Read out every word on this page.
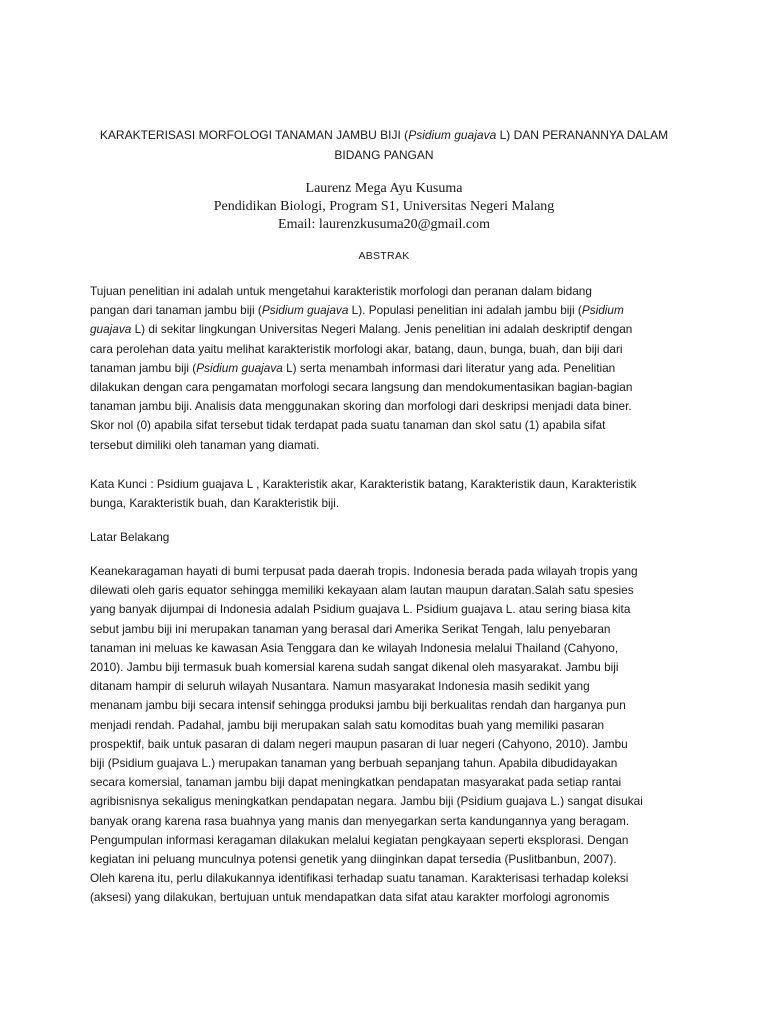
KARAKTERISASI MORFOLOGI TANAMAN JAMBU BIJI (Psidium guajava L) DAN PERANANNYA DALAM
BIDANG PANGAN
Laurenz Mega Ayu Kusuma
Pendidikan Biologi, Program S1, Universitas Negeri Malang
Email: laurenzkusuma20@gmail.com
ABSTRAK
Tujuan penelitian ini adalah untuk mengetahui karakteristik morfologi dan peranan dalam bidang
pangan dari tanaman jambu biji (Psidium guajava L). Populasi penelitian ini adalah jambu biji (Psidium
guajava L) di sekitar lingkungan Universitas Negeri Malang. Jenis penelitian ini adalah deskriptif dengan
cara perolehan data yaitu melihat karakteristik morfologi akar, batang, daun, bunga, buah, dan biji dari
tanaman jambu biji (Psidium guajava L) serta menambah informasi dari literatur yang ada. Penelitian
dilakukan dengan cara pengamatan morfologi secara langsung dan mendokumentasikan bagian-bagian
tanaman jambu biji. Analisis data menggunakan skoring dan morfologi dari deskripsi menjadi data biner.
Skor nol (0) apabila sifat tersebut tidak terdapat pada suatu tanaman dan skol satu (1) apabila sifat
tersebut dimiliki oleh tanaman yang diamati.
Kata Kunci : Psidium guajava L , Karakteristik akar, Karakteristik batang, Karakteristik daun, Karakteristik
bunga, Karakteristik buah, dan Karakteristik biji.
Latar Belakang
Keanekaragaman hayati di bumi terpusat pada daerah tropis. Indonesia berada pada wilayah tropis yang
dilewati oleh garis equator sehingga memiliki kekayaan alam lautan maupun daratan.Salah satu spesies
yang banyak dijumpai di Indonesia adalah Psidium guajava L. Psidium guajava L. atau sering biasa kita
sebut jambu biji ini merupakan tanaman yang berasal dari Amerika Serikat Tengah, lalu penyebaran
tanaman ini meluas ke kawasan Asia Tenggara dan ke wilayah Indonesia melalui Thailand (Cahyono,
2010). Jambu biji termasuk buah komersial karena sudah sangat dikenal oleh masyarakat. Jambu biji
ditanam hampir di seluruh wilayah Nusantara. Namun masyarakat Indonesia masih sedikit yang
menanam jambu biji secara intensif sehingga produksi jambu biji berkualitas rendah dan harganya pun
menjadi rendah. Padahal, jambu biji merupakan salah satu komoditas buah yang memiliki pasaran
prospektif, baik untuk pasaran di dalam negeri maupun pasaran di luar negeri (Cahyono, 2010). Jambu
biji (Psidium guajava L.) merupakan tanaman yang berbuah sepanjang tahun. Apabila dibudidayakan
secara komersial, tanaman jambu biji dapat meningkatkan pendapatan masyarakat pada setiap rantai
agribisnisnya sekaligus meningkatkan pendapatan negara. Jambu biji (Psidium guajava L.) sangat disukai
banyak orang karena rasa buahnya yang manis dan menyegarkan serta kandungannya yang beragam.
Pengumpulan informasi keragaman dilakukan melalui kegiatan pengkayaan seperti eksplorasi. Dengan
kegiatan ini peluang munculnya potensi genetik yang diinginkan dapat tersedia (Puslitbanbun, 2007).
Oleh karena itu, perlu dilakukannya identifikasi terhadap suatu tanaman. Karakterisasi terhadap koleksi
(aksesi) yang dilakukan, bertujuan untuk mendapatkan data sifat atau karakter morfologi agronomis
